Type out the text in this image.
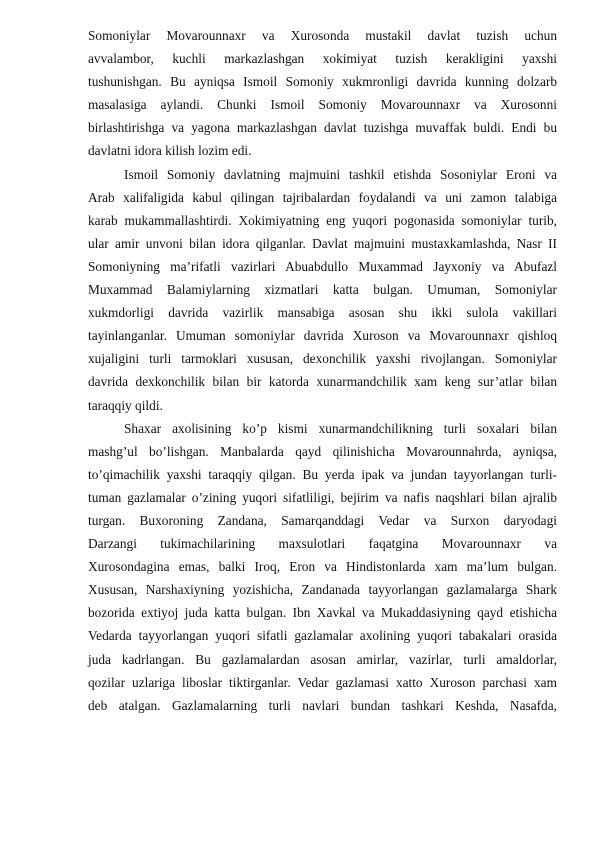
Somoniylar Movarounnaxr va Xurosonda mustakil davlat tuzish uchun
avvalambor, kuchli markazlashgan xokimiyat tuzish kerakligini yaxshi
tushunishgan. Bu ayniqsa Ismoil Somoniy xukmronligi davrida kunning dolzarb
masalasiga aylandi. Chunki Ismoil Somoniy Movarounnaxr va Xurosonni
birlashtirishga va yagona markazlashgan davlat tuzishga muvaffak buldi. Endi bu
davlatni idora kilish lozim edi.
Ismoil Somoniy davlatning majmuini tashkil etishda Sosoniylar Eroni va
Arab xalifaligida kabul qilingan tajribalardan foydalandi va uni zamon talabiga
karab mukammallashtirdi. Xokimiyatning eng yuqori pogonasida somoniylar turib,
ular amir unvoni bilan idora qilganlar. Davlat majmuini mustaxkamlashda, Nasr II
Somoniyning ma’rifatli vazirlari Abuabdullo Muxammad Jayxoniy va Abufazl
Muxammad Balamiylarning xizmatlari katta bulgan. Umuman, Somoniylar
xukmdorligi davrida vazirlik mansabiga asosan shu ikki sulola vakillari
tayinlanganlar. Umuman somoniylar davrida Xuroson va Movarounnaxr qishloq
xujaligini turli tarmoklari xususan, dexonchilik yaxshi rivojlangan. Somoniylar
davrida dexkonchilik bilan bir katorda xunarmandchilik xam keng sur’atlar bilan
taraqqiy qildi.
Shaxar axolisining ko’p kismi xunarmandchilikning turli soxalari bilan
mashg’ul bo’lishgan. Manbalarda qayd qilinishicha Movarounnahrda, ayniqsa,
to’qimachilik yaxshi taraqqiy qilgan. Bu yerda ipak va jundan tayyorlangan turli-
tuman gazlamalar o’zining yuqori sifatliligi, bejirim va nafis naqshlari bilan ajralib
turgan. Buxoroning Zandana, Samarqanddagi Vedar va Surxon daryodagi
Darzangi tukimachilarining maxsulotlari faqatgina Movarounnaxr va
Xurosondagina emas, balki Iroq, Eron va Hindistonlarda xam ma’lum bulgan.
Xususan, Narshaxiyning yozishicha, Zandanada tayyorlangan gazlamalarga Shark
bozorida extiyoj juda katta bulgan. Ibn Xavkal va Mukaddasiyning qayd etishicha
Vedarda tayyorlangan yuqori sifatli gazlamalar axolining yuqori tabakalari orasida
juda kadrlangan. Bu gazlamalardan asosan amirlar, vazirlar, turli amaldorlar,
qozilar uzlariga liboslar tiktirganlar. Vedar gazlamasi xatto Xuroson parchasi xam
deb atalgan. Gazlamalarning turli navlari bundan tashkari Keshda, Nasafda,
